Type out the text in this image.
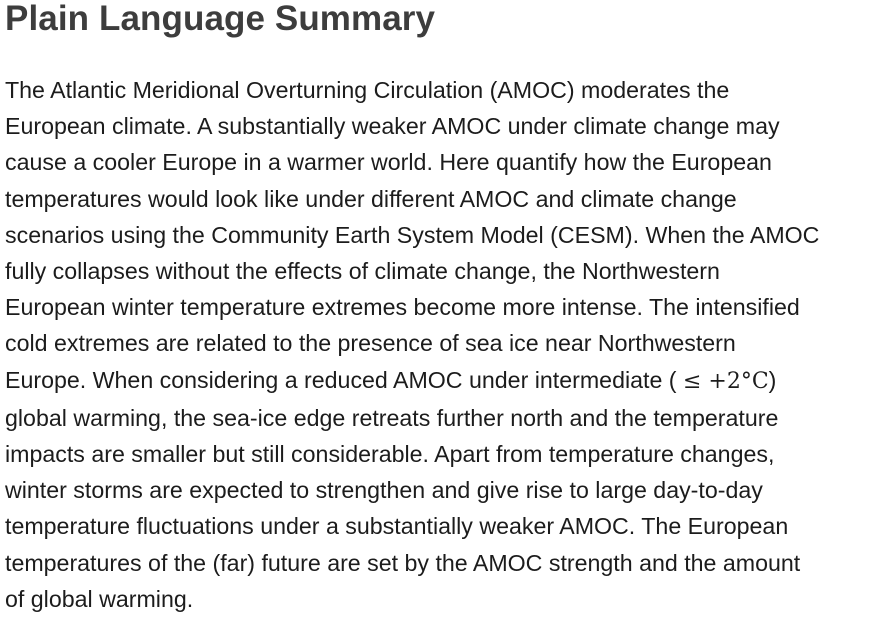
Plain Language Summary
The Atlantic Meridional Overturning Circulation (AMOC) moderates the
European climate. A substantially weaker AMOC under climate change may
cause a cooler Europe in a warmer world. Here quantify how the European
temperatures would look like under different AMOC and climate change
scenarios using the Community Earth System Model (CESM). When the AMOC
fully collapses without the effects of climate change, the Northwestern
European winter temperature extremes become more intense. The intensified
cold extremes are related to the presence of sea ice near Northwestern
Europe. When considering a reduced AMOC under intermediate ( ≤ +2°C)
global warming, the sea-ice edge retreats further north and the temperature
impacts are smaller but still considerable. Apart from temperature changes,
winter storms are expected to strengthen and give rise to large day-to-day
temperature fluctuations under a substantially weaker AMOC. The European
temperatures of the (far) future are set by the AMOC strength and the amount
of global warming.
